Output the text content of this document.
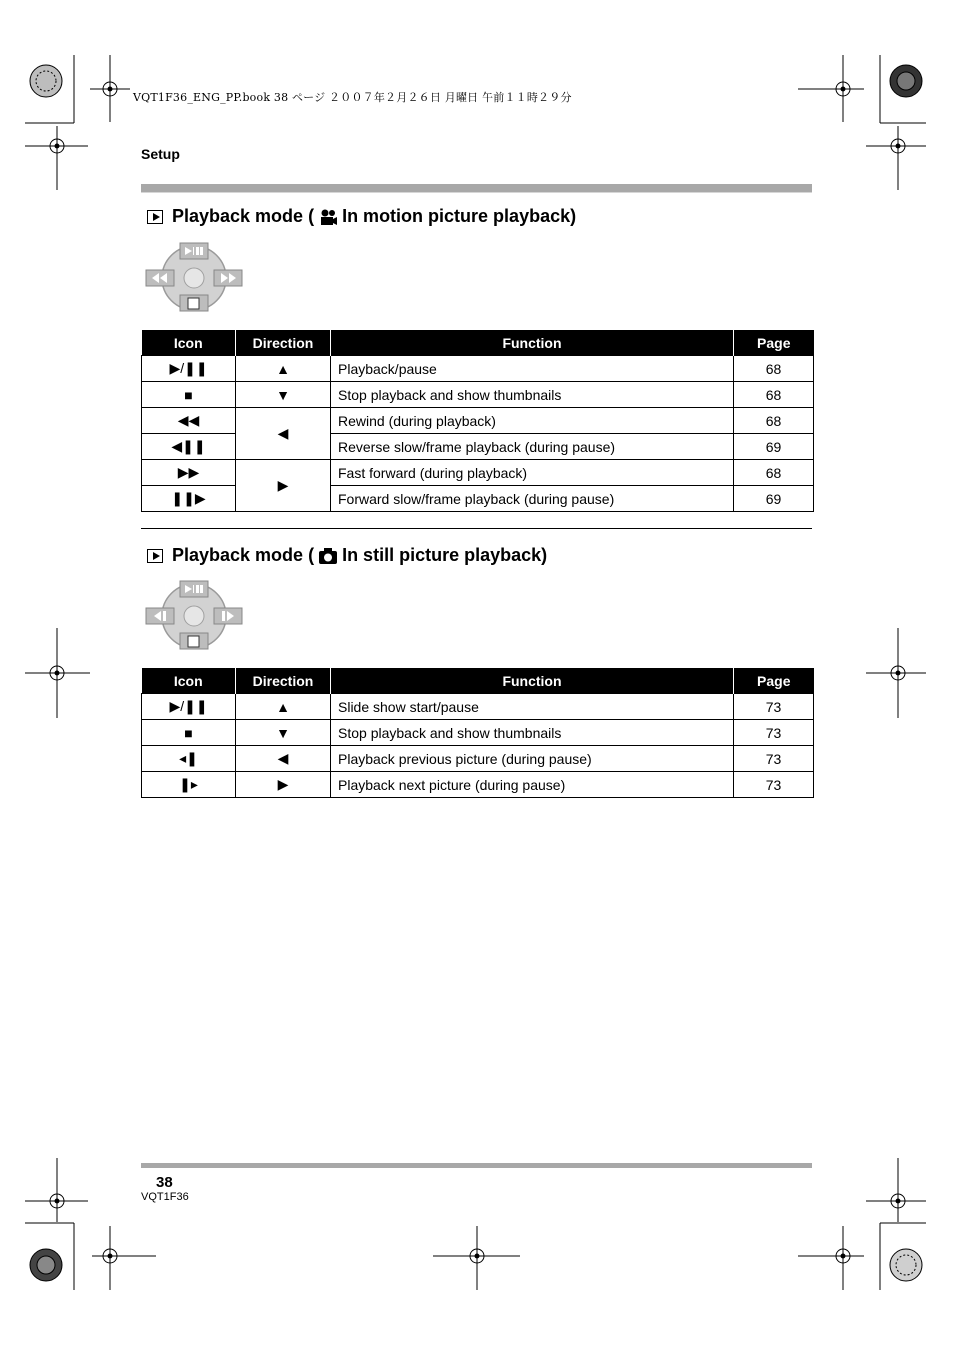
VQT1F36_ENG_PP.book 38 ページ ２００７年２月２６日 月曜日 午前１１時２９分
Setup
Playback mode ( In motion picture playback)
Icon	Direction	Function	Page
▶/❚❚	▲	Playback/pause	68
■	▼	Stop playback and show thumbnails	68
◀◀	◀	Rewind (during playback)	68
◀❚❚		Reverse slow/frame playback (during pause)	69
▶▶	▶	Fast forward (during playback)	68
❚❚▶		Forward slow/frame playback (during pause)	69
Playback mode ( In still picture playback)
Icon	Direction	Function	Page
▶/❚❚	▲	Slide show start/pause	73
■	▼	Stop playback and show thumbnails	73
◂❚	◀	Playback previous picture (during pause)	73
❚▸	▶	Playback next picture (during pause)	73
38
VQT1F36
